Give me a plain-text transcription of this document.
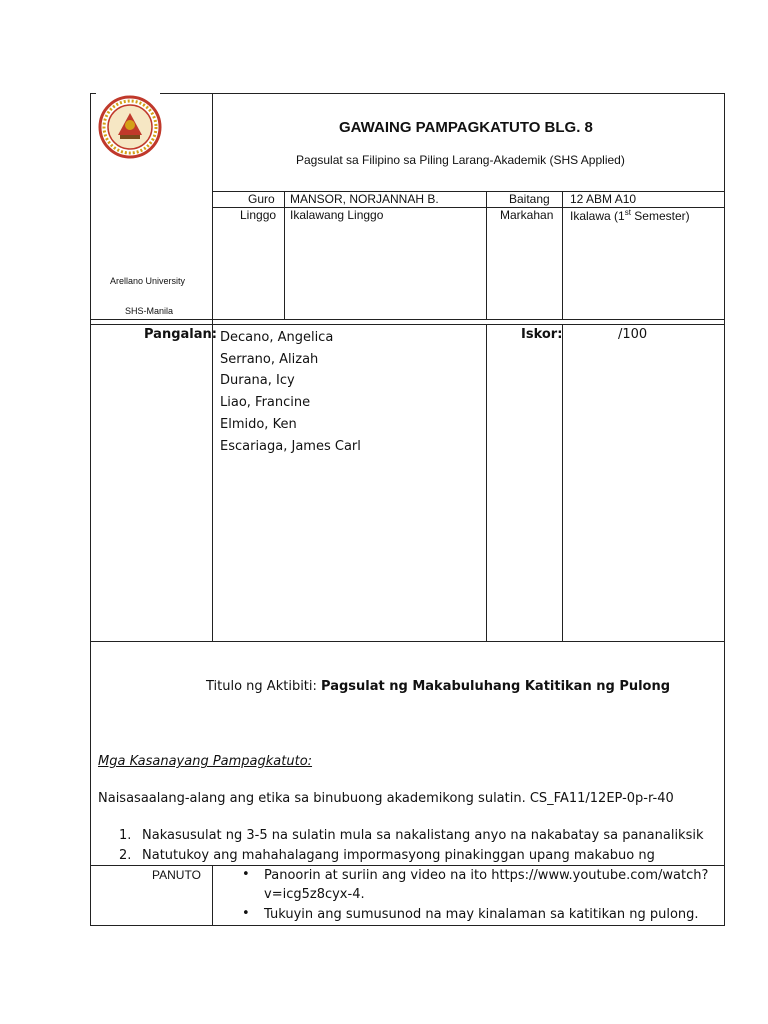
Arellano University
SHS-Manila
GAWAING PAMPAGKATUTO BLG. 8
Pagsulat sa Filipino sa Piling Larang-Akademik (SHS Applied)
Guro MANSOR, NORJANNAH B.	Baitang 12 ABM A10
Linggo Ikalawang Linggo	Markahan Ikalawa (1st Semester)
Pangalan: Decano, Angelica
Serrano, Alizah
Durana, Icy
Liao, Francine
Elmido, Ken
Escariaga, James Carl
Iskor:	/100
Titulo ng Aktibiti: Pagsulat ng Makabuluhang Katitikan ng Pulong
Mga Kasanayang Pampagkatuto:
Naisasaalang-alang ang etika sa binubuong akademikong sulatin. CS_FA11/12EP-0p-r-40
1. Nakasusulat ng 3-5 na sulatin mula sa nakalistang anyo na nakabatay sa pananaliksik
2. Natutukoy ang mahahalagang impormasyong pinakinggan upang makabuo ng
PANUTO	• Panoorin at suriin ang video na ito https://www.youtube.com/watch?
v=icg5z8cyx-4.
• Tukuyin ang sumusunod na may kinalaman sa katitikan ng pulong.
